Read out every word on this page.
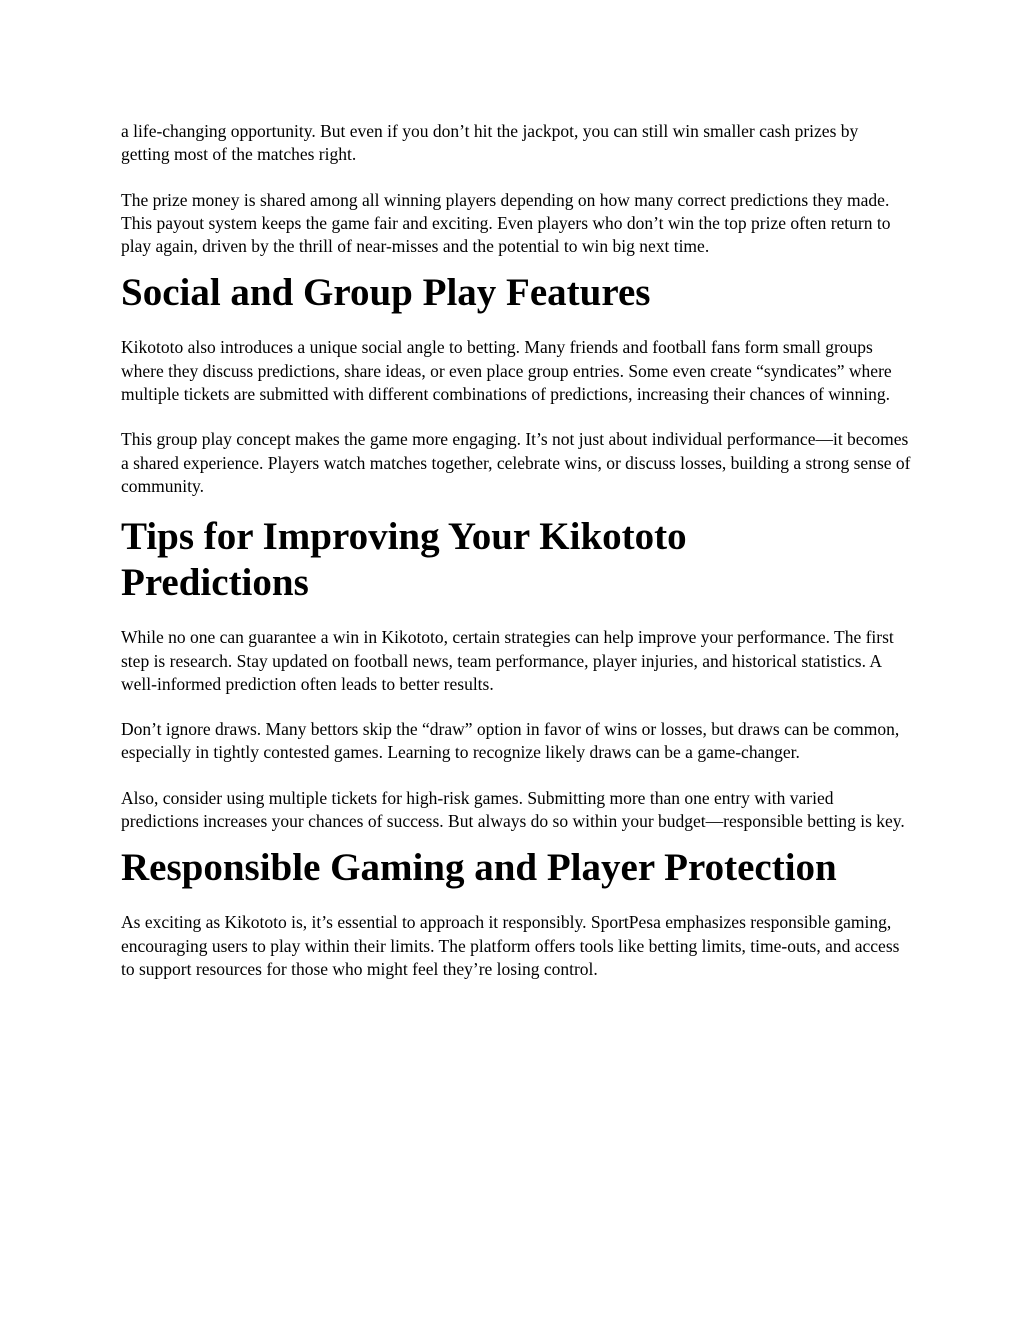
a life-changing opportunity. But even if you don’t hit the jackpot, you can still win smaller cash prizes by getting most of the matches right.

The prize money is shared among all winning players depending on how many correct predictions they made. This payout system keeps the game fair and exciting. Even players who don’t win the top prize often return to play again, driven by the thrill of near-misses and the potential to win big next time.

Social and Group Play Features

Kikototo also introduces a unique social angle to betting. Many friends and football fans form small groups where they discuss predictions, share ideas, or even place group entries. Some even create “syndicates” where multiple tickets are submitted with different combinations of predictions, increasing their chances of winning.

This group play concept makes the game more engaging. It’s not just about individual performance—it becomes a shared experience. Players watch matches together, celebrate wins, or discuss losses, building a strong sense of community.

Tips for Improving Your Kikototo Predictions

While no one can guarantee a win in Kikototo, certain strategies can help improve your performance. The first step is research. Stay updated on football news, team performance, player injuries, and historical statistics. A well-informed prediction often leads to better results.

Don’t ignore draws. Many bettors skip the “draw” option in favor of wins or losses, but draws can be common, especially in tightly contested games. Learning to recognize likely draws can be a game-changer.

Also, consider using multiple tickets for high-risk games. Submitting more than one entry with varied predictions increases your chances of success. But always do so within your budget—responsible betting is key.

Responsible Gaming and Player Protection

As exciting as Kikototo is, it’s essential to approach it responsibly. SportPesa emphasizes responsible gaming, encouraging users to play within their limits. The platform offers tools like betting limits, time-outs, and access to support resources for those who might feel they’re losing control.
